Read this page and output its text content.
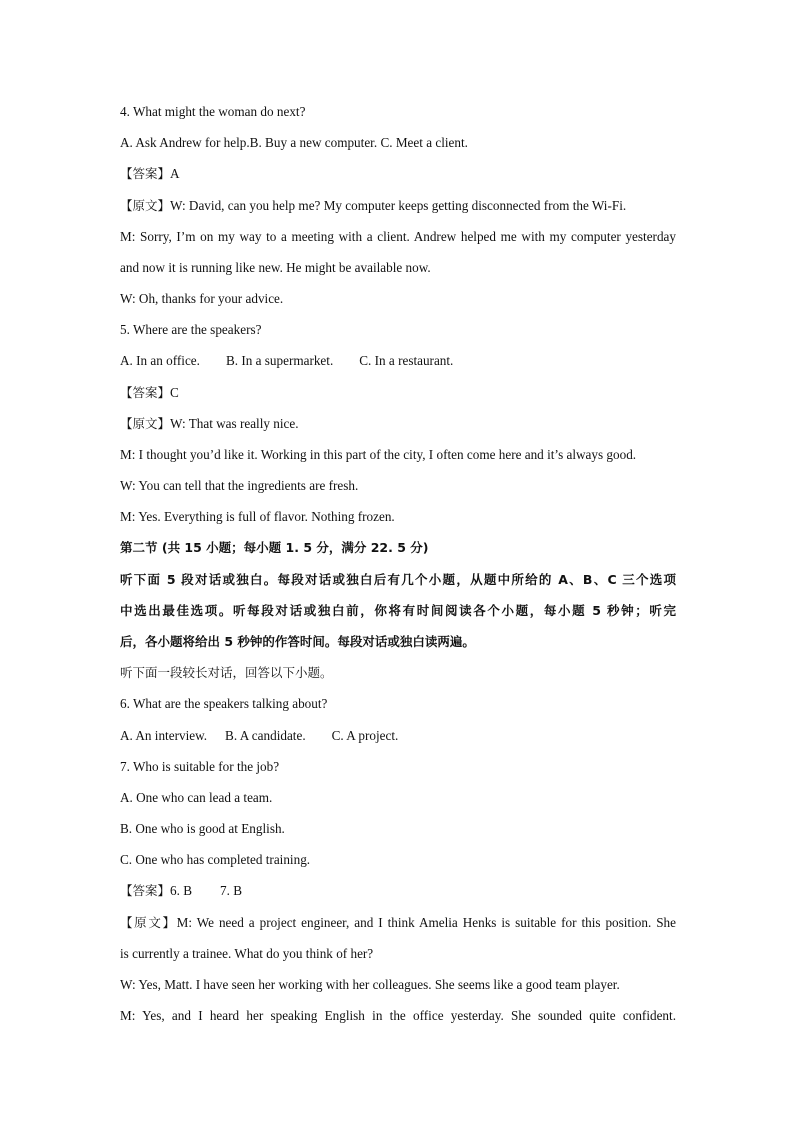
4. What might the woman do next?
A. Ask Andrew for help.B. Buy a new computer. C. Meet a client.
【答案】A
【原文】W: David, can you help me? My computer keeps getting disconnected from the Wi-Fi.
M: Sorry, I’m on my way to a meeting with a client. Andrew helped me with my computer yesterday
and now it is running like new. He might be available now.
W: Oh, thanks for your advice.
5. Where are the speakers?
A. In an office. B. In a supermarket. C. In a restaurant.
【答案】C
【原文】W: That was really nice.
M: I thought you’d like it. Working in this part of the city, I often come here and it’s always good.
W: You can tell that the ingredients are fresh.
M: Yes. Everything is full of flavor. Nothing frozen.
第二节 (共 15 小题；每小题 1. 5 分，满分 22. 5 分)
听下面 5 段对话或独白。每段对话或独白后有几个小题，从题中所给的 A、B、C 三个选项
中选出最佳选项。听每段对话或独白前，你将有时间阅读各个小题，每小题 5 秒钟；听完
后，各小题将给出 5 秒钟的作答时间。每段对话或独白读两遍。
听下面一段较长对话，回答以下小题。
6. What are the speakers talking about?
A. An interview. B. A candidate. C. A project.
7. Who is suitable for the job?
A. One who can lead a team.
B. One who is good at English.
C. One who has completed training.
【答案】6. B 7. B
【原文】M: We need a project engineer, and I think Amelia Henks is suitable for this position. She
is currently a trainee. What do you think of her?
W: Yes, Matt. I have seen her working with her colleagues. She seems like a good team player.
M: Yes, and I heard her speaking English in the office yesterday. She sounded quite confident.
